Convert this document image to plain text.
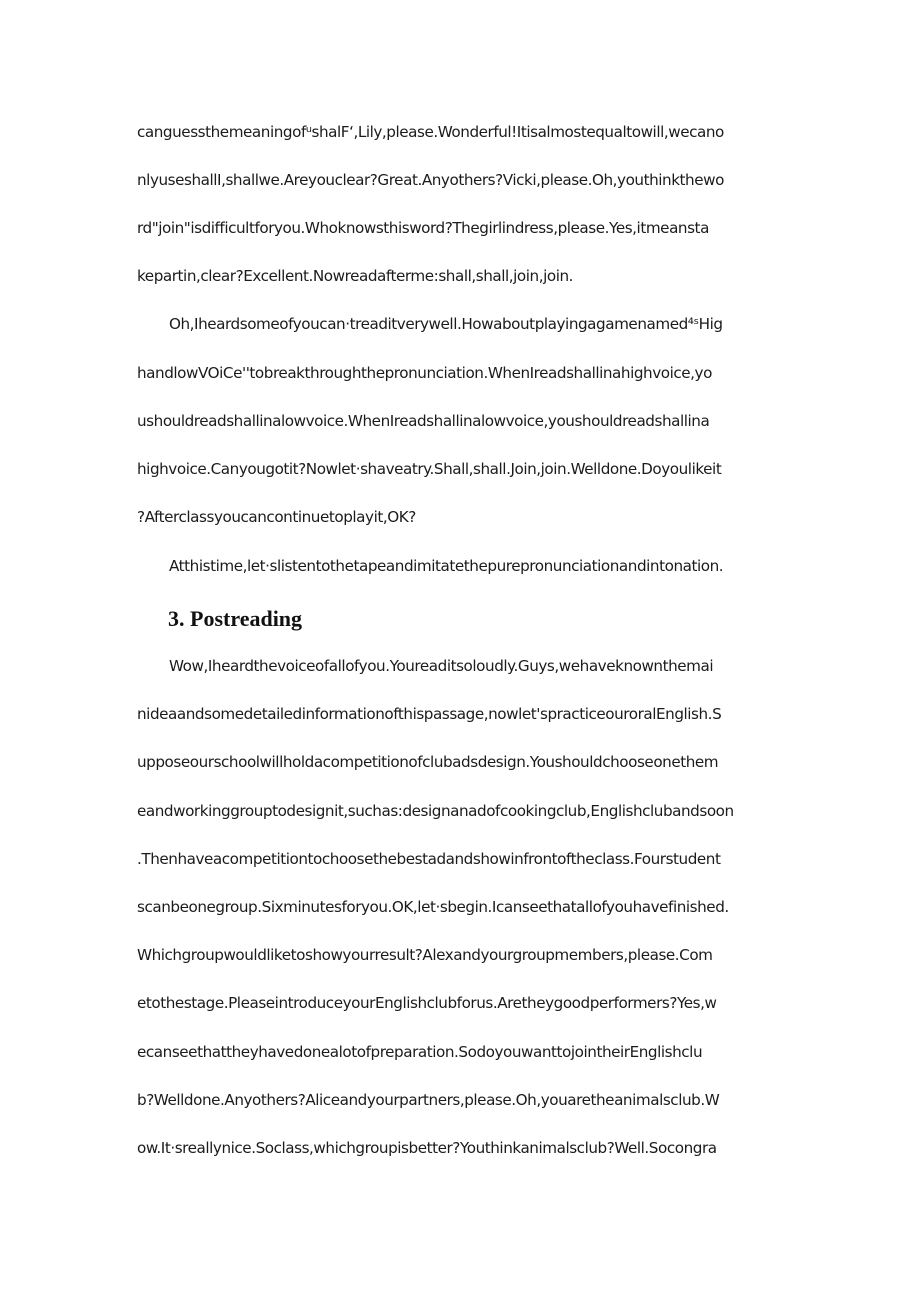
canguessthemeaningofᵘshalFʻ,Lily,please.Wonderful!Itisalmostequaltowill,wecano

nlyuseshallI,shallwe.Areyouclear?Great.Anyothers?Vicki,please.Oh,youthinkthewo

rd"join"isdifficultforyou.Whoknowsthisword?Thegirlindress,please.Yes,itmeansta

kepartin,clear?Excellent.Nowreadafterme:shall,shall,join,join.

Oh,Iheardsomeofyoucan·treaditverywell.Howaboutplayingagamenamed⁴ˢHig

handlowVOiCe''tobreakthroughthepronunciation.WhenIreadshallinahighvoice,yo

ushouldreadshallinalowvoice.WhenIreadshallinalowvoice,youshouldreadshallina

highvoice.Canyougotit?Nowlet·shaveatry.Shall,shall.Join,join.Welldone.Doyoulikeit

?Afterclassyoucancontinuetoplayit,OK?

Atthistime,let·slistentothetapeandimitatethepurepronunciationandintonation.

3. Postreading

Wow,Iheardthevoiceofallofyou.Youreaditsoloudly.Guys,wehaveknownthemai

nideaandsomedetailedinformationofthispassage,nowlet'spracticeouroralEnglish.S

upposeourschoolwillholdacompetitionofclubadsdesign.Youshouldchooseonethem

eandworkinggrouptodesignit,suchas:designanadofcookingclub,Englishclubandsoon

.Thenhaveacompetitiontochoosethebestadandshowinfrontoftheclass.Fourstudent

scanbeonegroup.Sixminutesforyou.OK,let·sbegin.Icanseethatallofyouhavefinished.

Whichgroupwouldliketoshowyourresult?Alexandyourgroupmembers,please.Com

etothestage.PleaseintroduceyourEnglishclubforus.Aretheygoodperformers?Yes,w

ecanseethattheyhavedonealotofpreparation.SodoyouwanttojointheirEnglishclu

b?Welldone.Anyothers?Aliceandyourpartners,please.Oh,youaretheanimalsclub.W

ow.It·sreallynice.Soclass,whichgroupisbetter?Youthinkanimalsclub?Well.Socongra
